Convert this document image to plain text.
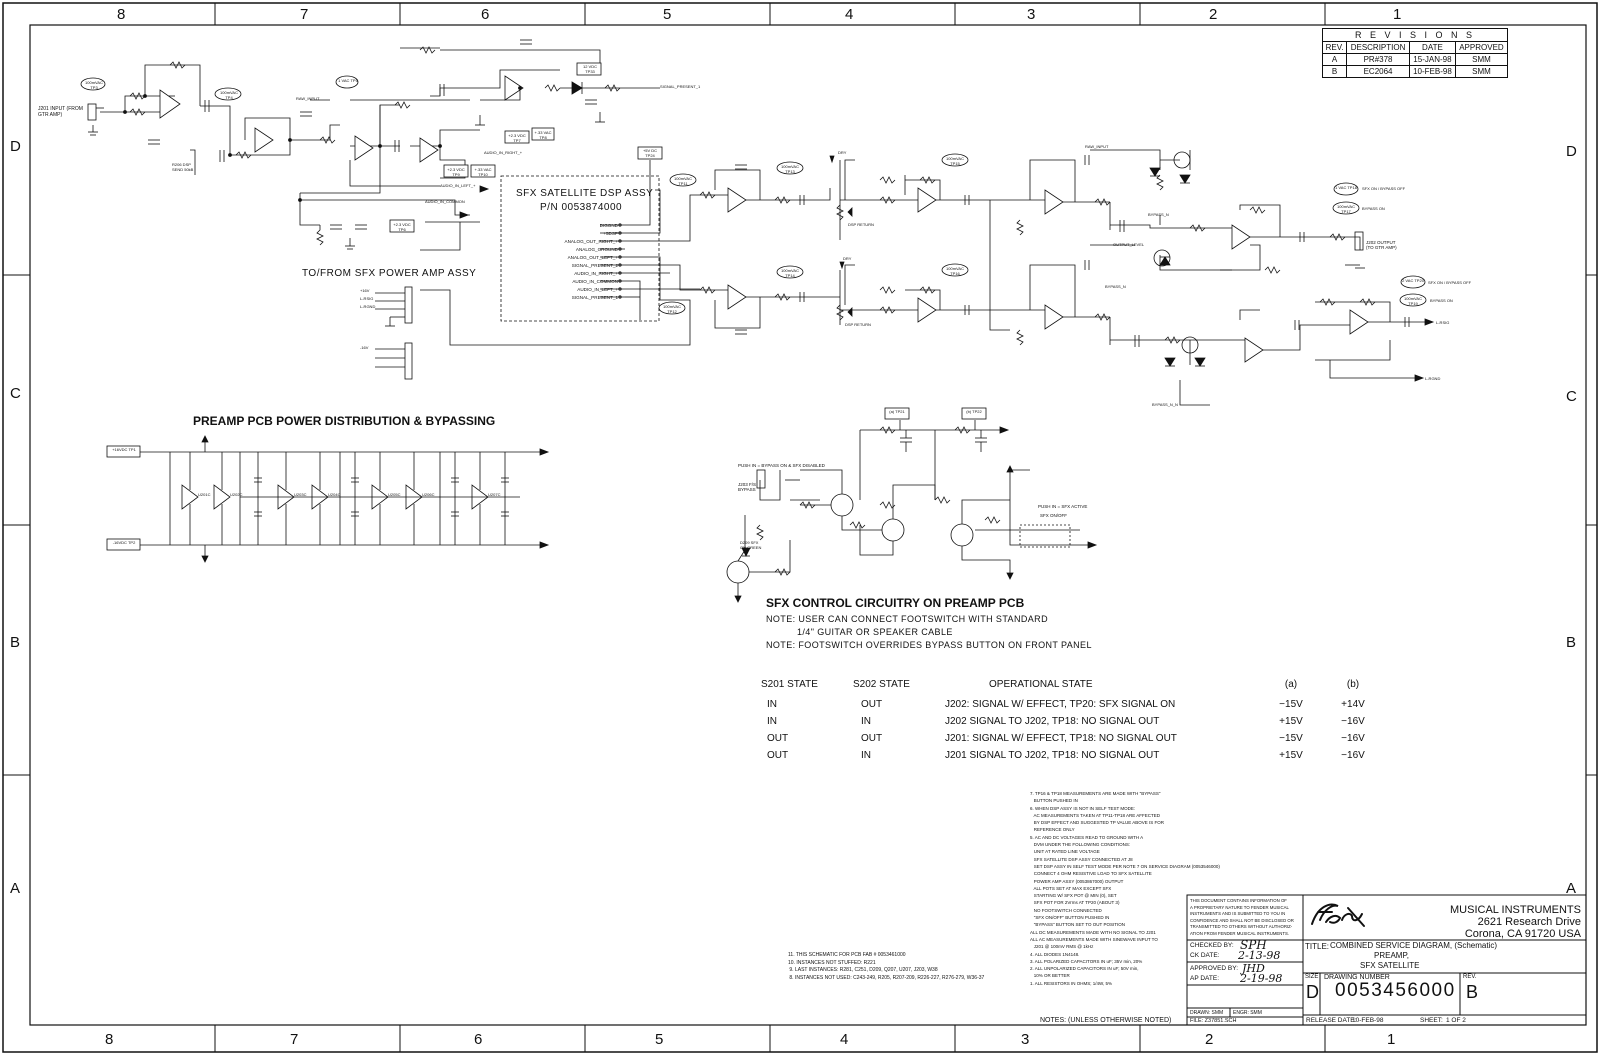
8	7	6	5	4	3	2	1
8	7	6	5	4	3	2	1
D
C
B
A
D
C
B
A
R E V I S I O N S			
REV.	DESCRIPTION	DATE	APPROVED
A	PR#378	15-JAN-98	SMM
B	EC2064	10-FEB-98	SMM
J201 INPUT (FROM GTR AMP)
100mVAC TP3
100mVAC TP4
1 VAC TP5
12 VDC TP33
SIGNAL_PRESENT_1
RAW_INPUT
AUDIO_IN_RIGHT_+
AUDIO_IN_LEFT_+
AUDIO_IN_COMMON
+2.3 VDC TP7
+.33 VAC TP8
+2.3 VDC TP9
+.33 VAC TP10
+2.3 VDC TP6
R206 DSP SEND 50kB
TO/FROM SFX POWER AMP ASSY
L-RSIG
L-RGND
+16V
-16V
SFX SATELLITE DSP ASSY
P/N 0053874000
DIGGND
+5DSP
ANALOG_OUT_RIGHT_+
ANALOG_GROUND
ANALOG_OUT_LEFT_+
SIGNAL_PRESENT_2
AUDIO_IN_RIGHT_+
AUDIO_IN_COMMON
AUDIO_IN_LEFT_+
SIGNAL_PRESENT_1
+5V DC TP24
100mVAC TP11
100mVAC TP13
100mVAC TP14
100mVAC TP12
100mVAC TP15
100mVAC TP16
DRY
DRY
DSP RETURN
DSP RETURN
RAW_INPUT
OUTPUT_LEVEL
BYPASS_N
BYPASS_N
BYPASS_N_N
1 VAC TP18
100mVAC TP17
2 VAC TP20
100mVAC TP19
SFX ON / BYPASS OFF
SFX ON / BYPASS OFF
BYPASS ON
BYPASS ON
J202 OUTPUT (TO GTR AMP)
L-RSIG
L-RGND
PREAMP PCB POWER DISTRIBUTION & BYPASSING
+16VDC TP1
-16VDC TP2
U201C	U202C	U203C	U204C	U205C	U206C	U207C
SFX CONTROL CIRCUITRY ON PREAMP PCB
NOTE: USER CAN CONNECT FOOTSWITCH WITH STANDARD
1/4" GUITAR OR SPEAKER CABLE
NOTE: FOOTSWITCH OVERRIDES BYPASS BUTTON ON FRONT PANEL
PUSH IN = BYPASS ON & SFX DISABLED
PUSH IN = SFX ACTIVE
J203 F/S BYPASS
D209 SFX ON GREEN
(a) TP21	(b) TP22
SFX ON/OFF
S201 STATE	S202 STATE	OPERATIONAL STATE	(a)	(b)
IN	OUT	J202: SIGNAL W/ EFFECT, TP20: SFX SIGNAL ON	−15V	+14V
IN	IN	J202 SIGNAL TO J202, TP18: NO SIGNAL OUT	+15V	−16V
OUT	OUT	J201: SIGNAL W/ EFFECT, TP18: NO SIGNAL OUT	−15V	−16V
OUT	IN	J201 SIGNAL TO J202, TP18: NO SIGNAL OUT	+15V	−16V
11. THIS SCHEMATIC FOR PCB FAB # 0053461000
10. INSTANCES NOT STUFFED: R221
9. LAST INSTANCES: R281, C251, D209, Q207, U207, J203, W38
8. INSTANCES NOT USED: C243-249, R205, R207-209, R226-227, R276-279, W36-37
7. TP16 & TP18 MEASUREMENTS ARE MADE WITH "BYPASS"
BUTTON PUSHED IN
6. WHEN DSP ASSY IS NOT IN SELF TEST MODE:
AC MEASUREMENTS TAKEN AT TP11-TP18 ARE AFFECTED
BY DSP EFFECT AND SUGGESTED TP VALUE ABOVE IS FOR
REFERENCE ONLY
5. AC AND DC VOLTAGES READ TO GROUND WITH A
DVM UNDER THE FOLLOWING CONDITIONS:
UNIT AT RATED LINE VOLTAGE
SFX SATELLITE DSP ASSY CONNECTED AT J8
SET DSP ASSY IN SELF TEST MODE PER NOTE 7 ON SERVICE DIAGRAM (0053546000)
CONNECT 4 OHM RESISTIVE LOAD TO SFX SATELLITE
POWER AMP ASSY (0053867000) OUTPUT
ALL POTS SET AT MAX EXCEPT SFX
STARTING W/ SFX POT @ MIN (0), SET
SFX POT FOR 2Vrms AT TP20 (ABOUT 3)
NO FOOTSWITCH CONNECTED
"SFX ON/OFF" BUTTON PUSHED IN
"BYPASS" BUTTON SET TO OUT POSITION
ALL DC MEASUREMENTS MADE WITH NO SIGNAL TO J201
ALL AC MEASUREMENTS MADE WITH SINEWAVE INPUT TO
J201 @ 100mV RMS @ 1kHz
4. ALL DIODES 1N4148.
3. ALL POLARIZED CAPACITORS IN uF; 35V min, 20%
2. ALL UNPOLARIZED CAPACITORS IN uF; 50V min,
10% OR BETTER
1. ALL RESISTORS IN OHMS; 1/4W, 5%
NOTES: (UNLESS OTHERWISE NOTED)
THIS DOCUMENT CONTAINS INFORMATION OF
A PROPRIETARY NATURE TO FENDER MUSICAL
INSTRUMENTS AND IS SUBMITTED TO YOU IN
CONFIDENCE AND SHALL NOT BE DISCLOSED OR
TRANSMITTED TO OTHERS WITHOUT AUTHORIZ-
ATION FROM FENDER MUSICAL INSTRUMENTS.
CHECKED BY: SPH
CK DATE: 2-13-98
APPROVED BY: JHD
AP DATE: 2-19-98
DRAWN: SMM ENGR: SMM
FILE: Z37851.SCH
MUSICAL INSTRUMENTS
2621 Research Drive
Corona, CA 91720 USA
TITLE: COMBINED SERVICE DIAGRAM, (Schematic)
PREAMP,
SFX SATELLITE
SIZE
D
DRAWING NUMBER
0053456000
REV.
B
RELEASE DATE:
10-FEB-98	SHEET: 1 OF 2
